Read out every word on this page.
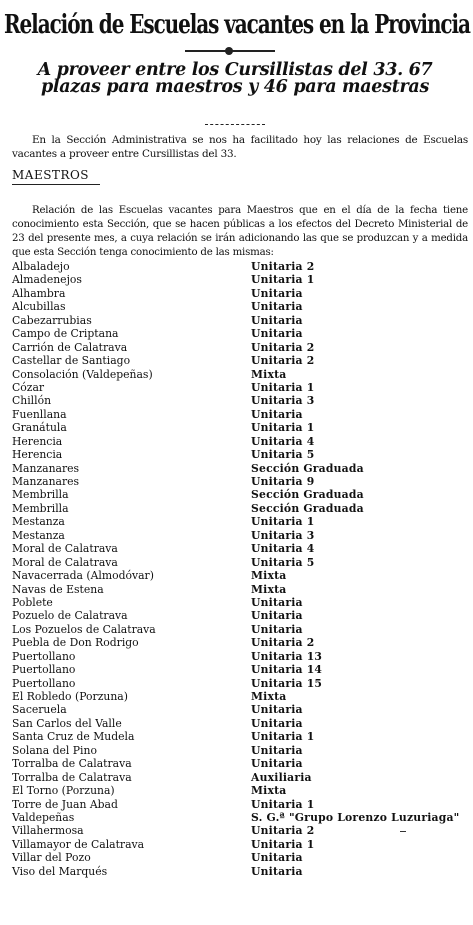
Relación de Escuelas vacantes en la Provincia
A proveer entre los Cursillistas del 33. 67 plazas para maestros y 46 para maestras
En la Sección Administrativa se nos ha facilitado hoy las relaciones de Escuelas vacantes a proveer entre Cursillistas del 33.
MAESTROS
Relación de las Escuelas vacantes para Maestros que en el día de la fecha tiene conocimiento esta Sección, que se hacen públicas a los efectos del Decreto Ministerial de 23 del presente mes, a cuya relación se irán adicionando las que se produzcan y a medida que esta Sección tenga conocimiento de las mismas:
Albaladejo	Unitaria 2
Almadenejos	Unitaria 1
Alhambra	Unitaria
Alcubillas	Unitaria
Cabezarrubias	Unitaria
Campo de Criptana	Unitaria
Carrión de Calatrava	Unitaria 2
Castellar de Santiago	Unitaria 2
Consolación (Valdepeñas)	Mixta
Cózar	Unitaria 1
Chillón	Unitaria 3
Fuenllana	Unitaria
Granátula	Unitaria 1
Herencia	Unitaria 4
Herencia	Unitaria 5
Manzanares	Sección Graduada
Manzanares	Unitaria 9
Membrilla	Sección Graduada
Membrilla	Sección Graduada
Mestanza	Unitaria 1
Mestanza	Unitaria 3
Moral de Calatrava	Unitaria 4
Moral de Calatrava	Unitaria 5
Navacerrada (Almodóvar)	Mixta
Navas de Estena	Mixta
Poblete	Unitaria
Pozuelo de Calatrava	Unitaria
Los Pozuelos de Calatrava	Unitaria
Puebla de Don Rodrigo	Unitaria 2
Puertollano	Unitaria 13
Puertollano	Unitaria 14
Puertollano	Unitaria 15
El Robledo (Porzuna)	Mixta
Saceruela	Unitaria
San Carlos del Valle	Unitaria
Santa Cruz de Mudela	Unitaria 1
Solana del Pino	Unitaria
Torralba de Calatrava	Unitaria
Torralba de Calatrava	Auxiliaria
El Torno (Porzuna)	Mixta
Torre de Juan Abad	Unitaria 1
Valdepeñas	S. G.ª "Grupo Lorenzo Luzuriaga"
Villahermosa	Unitaria 2
Villamayor de Calatrava	Unitaria 1
Villar del Pozo	Unitaria
Viso del Marqués	Unitaria
